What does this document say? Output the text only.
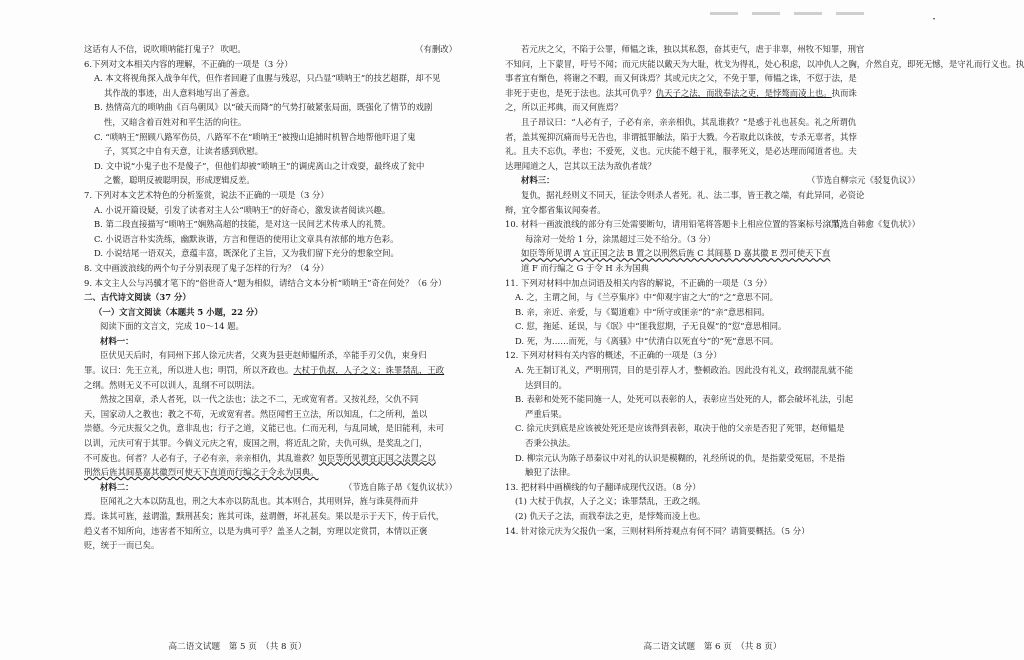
·

这话有人不信，说吹唢呐能打鬼子？ 吹吧。	（有删改）

6.下列对文本相关内容的理解，不正确的一项是（3 分）

A. 本文将视角探入战争年代，但作者回避了血腥与残忍，只凸显“唢呐王”的技艺超群，却不见

其作战的事迹，出人意料地写出了善意。

B. 热情高亢的唢呐曲《百鸟朝凤》以“破天而降”的气势打破紧张局面，既强化了情节的戏剧

性，又暗含着百姓对和平生活的向往。

C. “唢呐王”照顾八路军伤员，八路军不在“唢呐王”被搜山追捕时机智合地帮他吓退了鬼

子，冥冥之中自有天意，让读者感到欣慰。

D. 文中说“小鬼子也不是傻子”，但他们却被“唢呐王”的调虎离山之计戏耍，最终成了瓮中

之鳖，聪明反被聪明误，形成逻辑反差。

7. 下列对本文艺术特色的分析鉴赏，说法不正确的一项是（3 分）

A. 小说开篇设疑，引发了读者对主人公“唢呐王”的好奇心，激发读者阅读兴趣。

B. 第二段直接描写“唢呐王”娴熟高超的技能，是对这一民间艺术传承人的礼赞。

C. 小说语言朴实洗练，幽默诙谐，方言和俚语的使用让文章具有浓郁的地方色彩。

D. 小说结尾一语双关，意蕴丰富，既深化了主旨，又为我们留下充分的想象空间。

8. 文中画波浪线的两个句子分别表现了鬼子怎样的行为？（4 分）

9. 本文主人公与冯骥才笔下的“俗世奇人”题为相似，请结合文本分析“唢呐王”奇在何处？（6 分）

二、古代诗文阅读（37 分）

（一）文言文阅读（本题共 5 小题，22 分）

阅读下面的文言文，完成 10～14 题。

材料一：

臣伏见天后时，有同州下邽人徐元庆者，父爽为县吏赵师韫所杀，卒能手刃父仇，束身归

罪。议曰：先王立礼，所以进人也；明罚，所以齐政也。大杖于仇叔，人子之义；诛罪禁乱，王政

之纲。然则无义不可以训人，乱纲不可以明法。

然按之国章，杀人者死，以一代之法也；法之不二，无或宽宥者。又按礼经，父仇不同

天，国家动人之教也；教之不苟，无或宽宥者。然臣闻哲王立法，所以知乱，仁之所利，盖以

崇德。今元庆报父之仇，意非乱也；行子之道，义能已也。仁而无利，与乱同域，是旧能利，未可

以训，元庆可宥于其罪。今倘义元庆之宥，废国之刑，将近乱之阶，夫仇可纵，是奖乱之门，

不可废也。何者？人必有子，子必有亲，亲亲相仇，其乱谁救？如臣等所见谓宜正国之法置之以

刑然后旌其闾墓嘉其徽烈可使天下直道而行编之于令永为国典。

（节选自陈子昂《复仇议状》）

材料二：

臣闻礼之大本以防乱也，刑之大本亦以防乱也。其本则合，其用则异，旌与诛莫得而并

焉。诛其可旌，兹谓滥，黩刑甚矣；旌其可诛，兹谓僭，坏礼甚矣。果以是示于天下，传于后代，

趋义者不知所向，违害者不知所立，以是为典可乎？盖圣人之制，穷理以定赏罚，本情以正褒

贬，统于一而已矣。

若元庆之父，不陷于公罪，师韫之诛，独以其私怨，奋其吏气，虐于非辜，州牧不知罪，刑官

不知问，上下蒙冒，吁号不闻；而元庆能以戴天为大耻，枕戈为得礼，处心积虑，以冲仇人之胸，介然自克，即死无憾，是守礼而行义也。执

事者宜有惭色，将谢之不暇，而又何诛焉？其或元庆之父，不免于罪，师韫之诛，不愆于法，是

非死于吏也，是死于法也。法其可仇乎？仇天子之法，而戕奉法之吏，是悖骜而凌上也。执而诛

之，所以正邦典，而又何旌焉？

且子昂议曰：“人必有子，子必有亲，亲亲相仇，其乱谁救？”是惑于礼也甚矣。礼之所谓仇

者，盖其冤抑沉痛而号无告也，非谓抵罪触法，陷于大戮。今若取此以诛彼，专杀无辜者，其悖

礼。且夫不忘仇，孝也；不爱死，义也。元庆能不越于礼，服孝死义，是必达理而闻道者也。夫

达理闻道之人，岂其以王法为敌仇者哉？

（节选自柳宗元《驳复仇议》）

材料三：

复仇，据礼经则义不同天，征法令则杀人者死。礼、法二事，皆王教之端，有此异同，必资论

辩，宜令都省集议闻奏者。

（节选自韩愈《复仇状》）

10. 材料一画波浪线的部分有三处需要断句，请用铅笔将答题卡上相应位置的答案标号涂黑，

每涂对一处给 1 分，涂黑超过三处不给分。（3 分）

如臣等所见谓 A 宜正国之法 B 置之以刑然后旌 C 其闾墓 D 嘉其徽 E 烈可使天下直

道 F 而行编之 G 于令 H 永为国典

11. 下列对材料中加点词语及相关内容的解说，不正确的一项是（3 分）

A. 之，主谓之间，与《兰亭集序》中“仰观宇宙之大”的“之”意思不同。

B. 亲，亲近、亲爱，与《蜀道难》中“所守或匪亲”的“亲”意思相同。

C. 愆，拖延、延误，与《氓》中“匪我愆期，子无良媒”的“愆”意思相同。

D. 死，为……而死，与《离骚》中“伏清白以死直兮”的“死”意思不同。

12. 下列对材料有关内容的概述，不正确的一项是（3 分）

A. 先王制订礼义，严明刑罚，目的是引荐人才，整顿政治。因此没有礼义，政纲混乱就不能

达到目的。

B. 表彰和处死不能同施一人，处死可以表彰的人，表彰应当处死的人，都会破坏礼法，引起

严重后果。

C. 徐元庆到底是应该被处死还是应该得到表彰，取决于他的父亲是否犯了死罪，赵师韫是

否秉公执法。

D. 柳宗元认为陈子昂秦议中对礼的认识是模糊的，礼经所说的仇，是指蒙受冤屈，不是指

触犯了法律。

13. 把材料中画横线的句子翻译成现代汉语。（8 分）

(1) 大杖于仇叔，人子之义；诛罪禁乱，王政之纲。

(2) 仇天子之法，而戕奉法之吏，是悖骜而凌上也。

14. 针对徐元庆为父报仇一案，三则材料所持观点有何不同？请简要概括。（5 分）

高二语文试题　第 5 页　（共 8 页）	高二语文试题　第 6 页　（共 8 页）
